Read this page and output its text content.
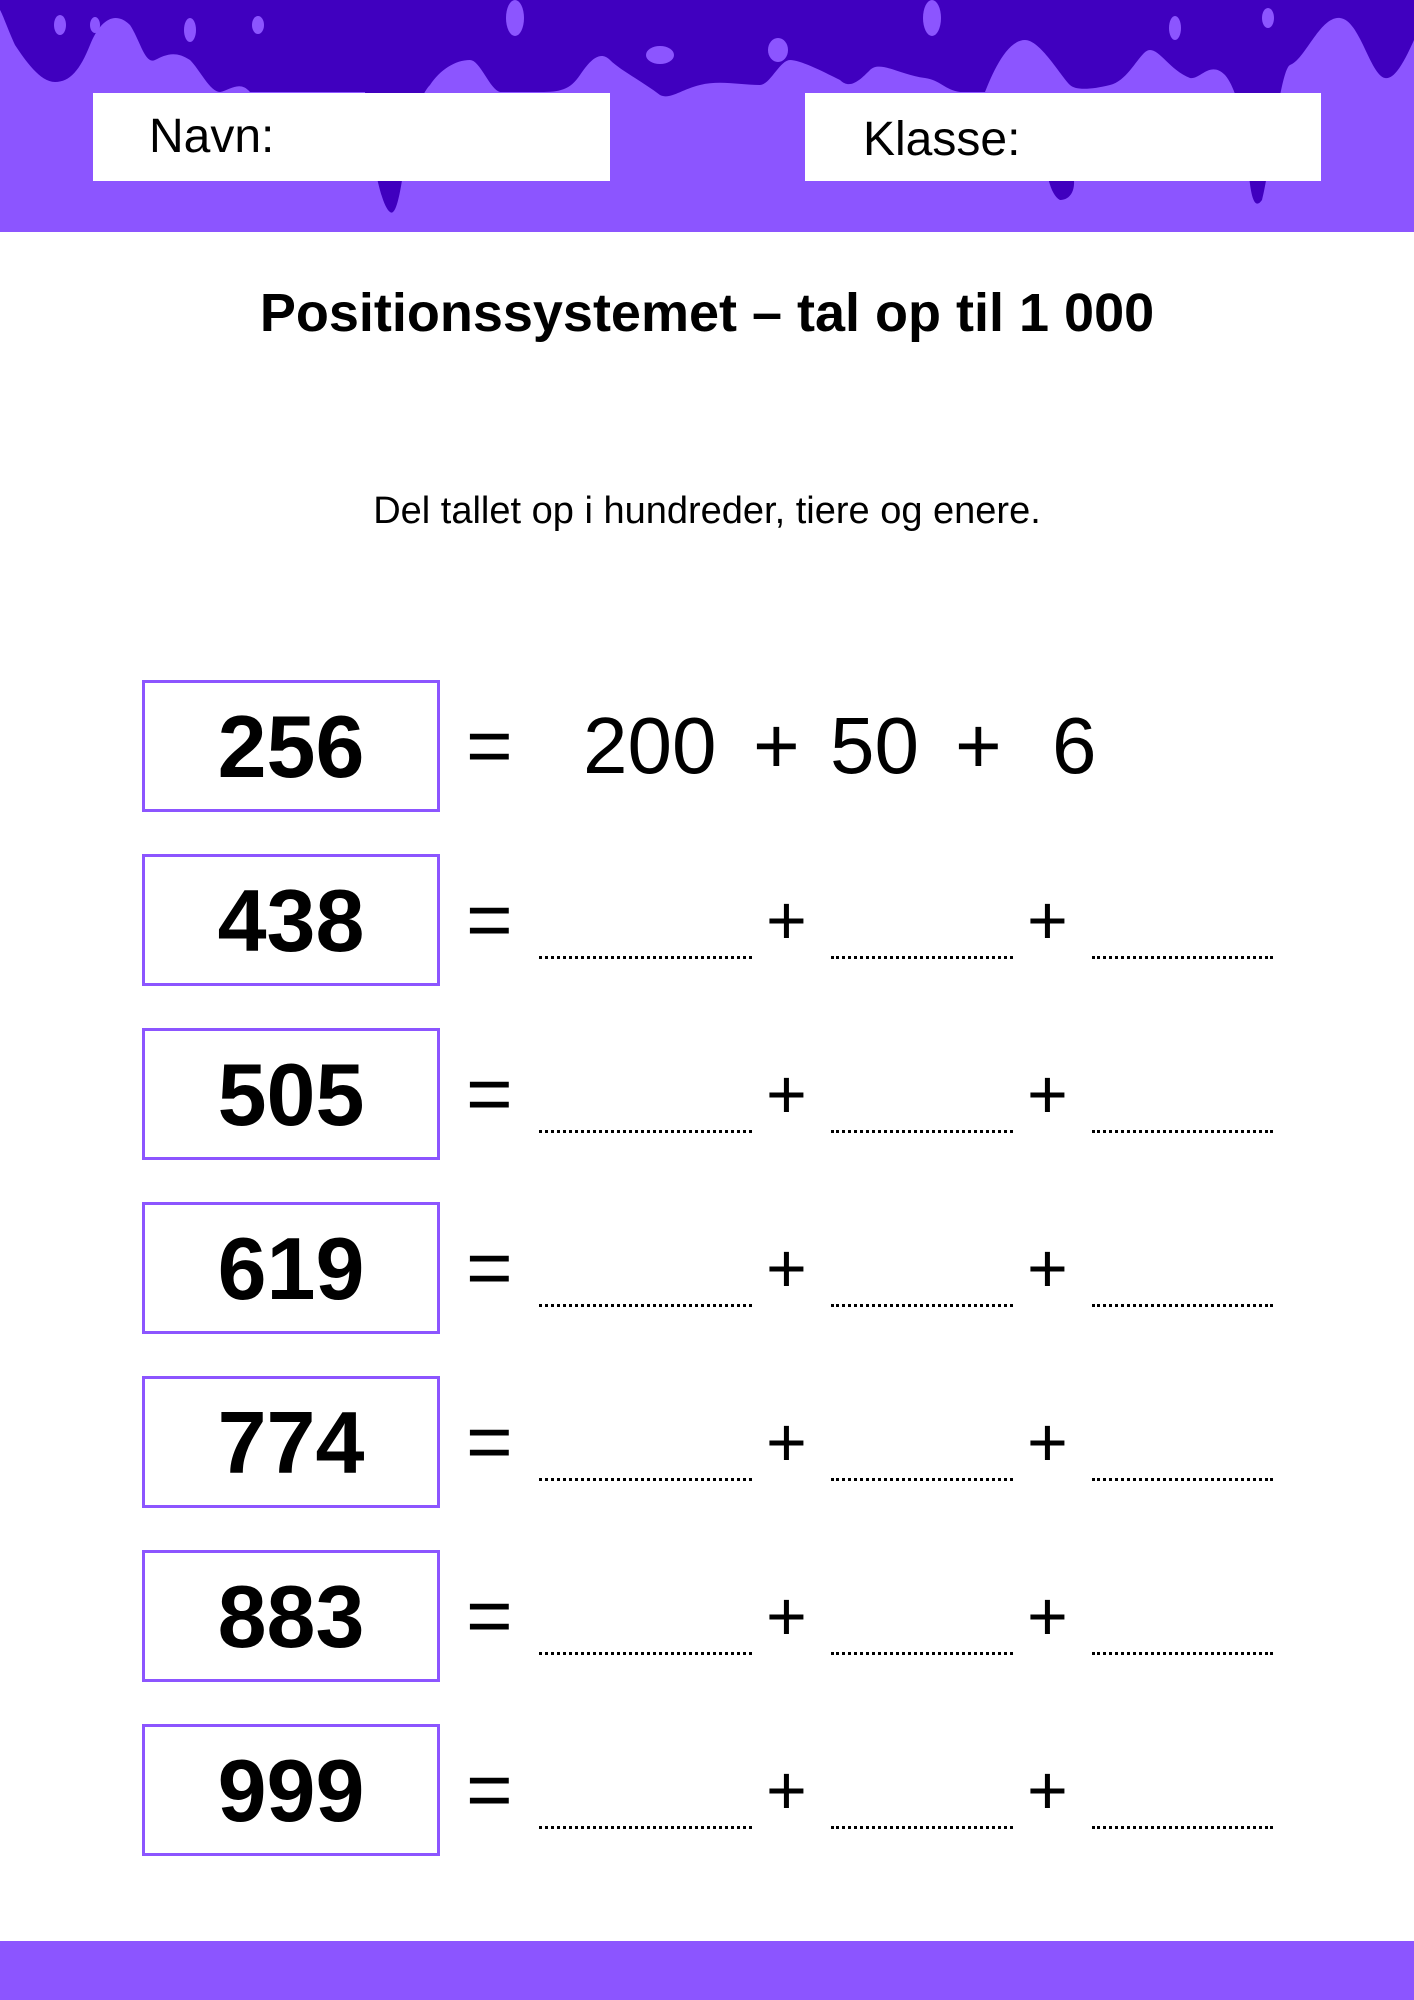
Navn:	Klasse:
Positionssystemet – tal op til 1 000
Del tallet op i hundreder, tiere og enere.
256	= 200 + 50 + 6
438	=	+	+
505	=	+	+
619	=	+	+
774	=	+	+
883	=	+	+
999	=	+	+
